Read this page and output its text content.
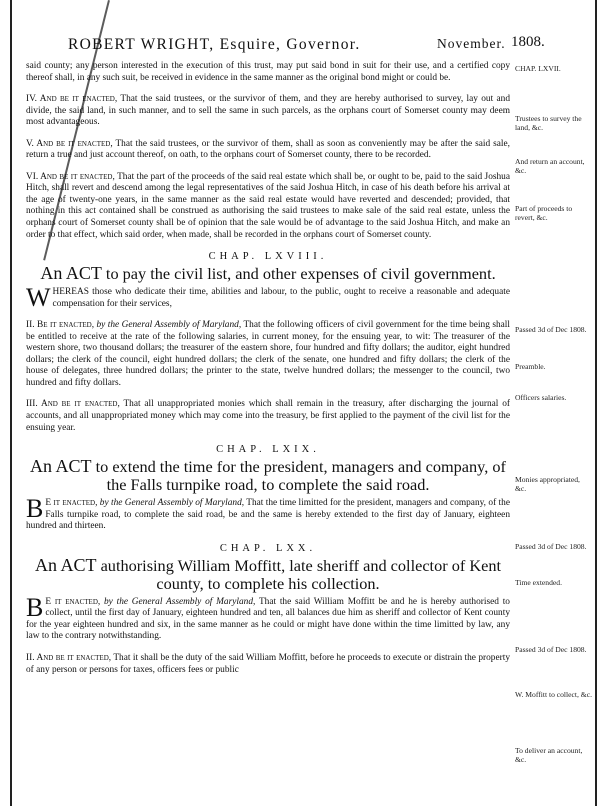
ROBERT WRIGHT, Esquire, Governor.	November. 1808.
CHAP. LXVII.
Trustees to survey the land, &c.
And return an account, &c.
Part of proceeds to revert, &c.
Passed 3d of Dec 1808.
Preamble.
Officers salaries.
Monies appropriated, &c.
Passed 3d of Dec 1808.
Time extended.
Passed 3d of Dec 1808.
W. Moffitt to collect, &c.
To deliver an account, &c.

said county; any person interested in the execution of this trust, may put said bond in suit for their use, and a certified copy thereof shall, in any such suit, be received in evidence in the same manner as the original bond might or could be.

IV. And be it enacted, That the said trustees, or the survivor of them, and they are hereby authorised to survey, lay out and divide, the said land, in such manner, and to sell the same in such parcels, as the orphans court of Somerset county may deem most advantageous.

V. And be it enacted, That the said trustees, or the survivor of them, shall as soon as conveniently may be after the said sale, return a true and just account thereof, on oath, to the orphans court of Somerset county, there to be recorded.

VI. And be it enacted, That the part of the proceeds of the said real estate which shall be, or ought to be, paid to the said Joshua Hitch, shall revert and descend among the legal representatives of the said Joshua Hitch, in case of his death before his arrival at the age of twenty-one years, in the same manner as the said real estate would have reverted and descended; provided, that nothing in this act contained shall be construed as authorising the said trustees to make sale of the said real estate, unless the orphans court of Somerset county shall be of opinion that the sale would be of advantage to the said Joshua Hitch, and make an order to that effect, which said order, when made, shall be recorded in the orphans court of Somerset county.

CHAP. LXVIII.
An ACT to pay the civil list, and other expenses of civil government.

WHEREAS those who dedicate their time, abilities and labour, to the public, ought to receive a reasonable and adequate compensation for their services,

II. Be it enacted, by the General Assembly of Maryland, That the following officers of civil government for the time being shall be entitled to receive at the rate of the following salaries, in current money, for the ensuing year, to wit: The treasurer of the western shore, two thousand dollars; the treasurer of the eastern shore, four hundred and fifty dollars; the auditor, eight hundred dollars; the clerk of the council, eight hundred dollars; the clerk of the senate, one hundred and fifty dollars; the clerk of the house of delegates, three hundred dollars; the printer to the state, twelve hundred dollars; the messenger to the council, two hundred and fifty dollars.

III. And be it enacted, That all unappropriated monies which shall remain in the treasury, after discharging the journal of accounts, and all unappropriated money which may come into the treasury, be first applied to the payment of the civil list for the ensuing year.

CHAP. LXIX.
An ACT to extend the time for the president, managers and company, of the Falls turnpike road, to complete the said road.

B E it enacted, by the General Assembly of Maryland, That the time limitted for the president, managers and company, of the Falls turnpike road, to complete the said road, be and the same is hereby extended to the first day of January, eighteen hundred and thirteen.

CHAP. LXX.
An ACT authorising William Moffitt, late sheriff and collector of Kent county, to complete his collection.

B E it enacted, by the General Assembly of Maryland, That the said William Moffitt be and he is hereby authorised to collect, until the first day of January, eighteen hundred and ten, all balances due him as sheriff and collector of Kent county for the year eighteen hundred and six, in the same manner as he could or might have done within the time limitted by law, any law to the contrary notwithstanding.

II. And be it enacted, That it shall be the duty of the said William Moffitt, before he proceeds to execute or distrain the property of any person or persons for taxes, officers fees or public
